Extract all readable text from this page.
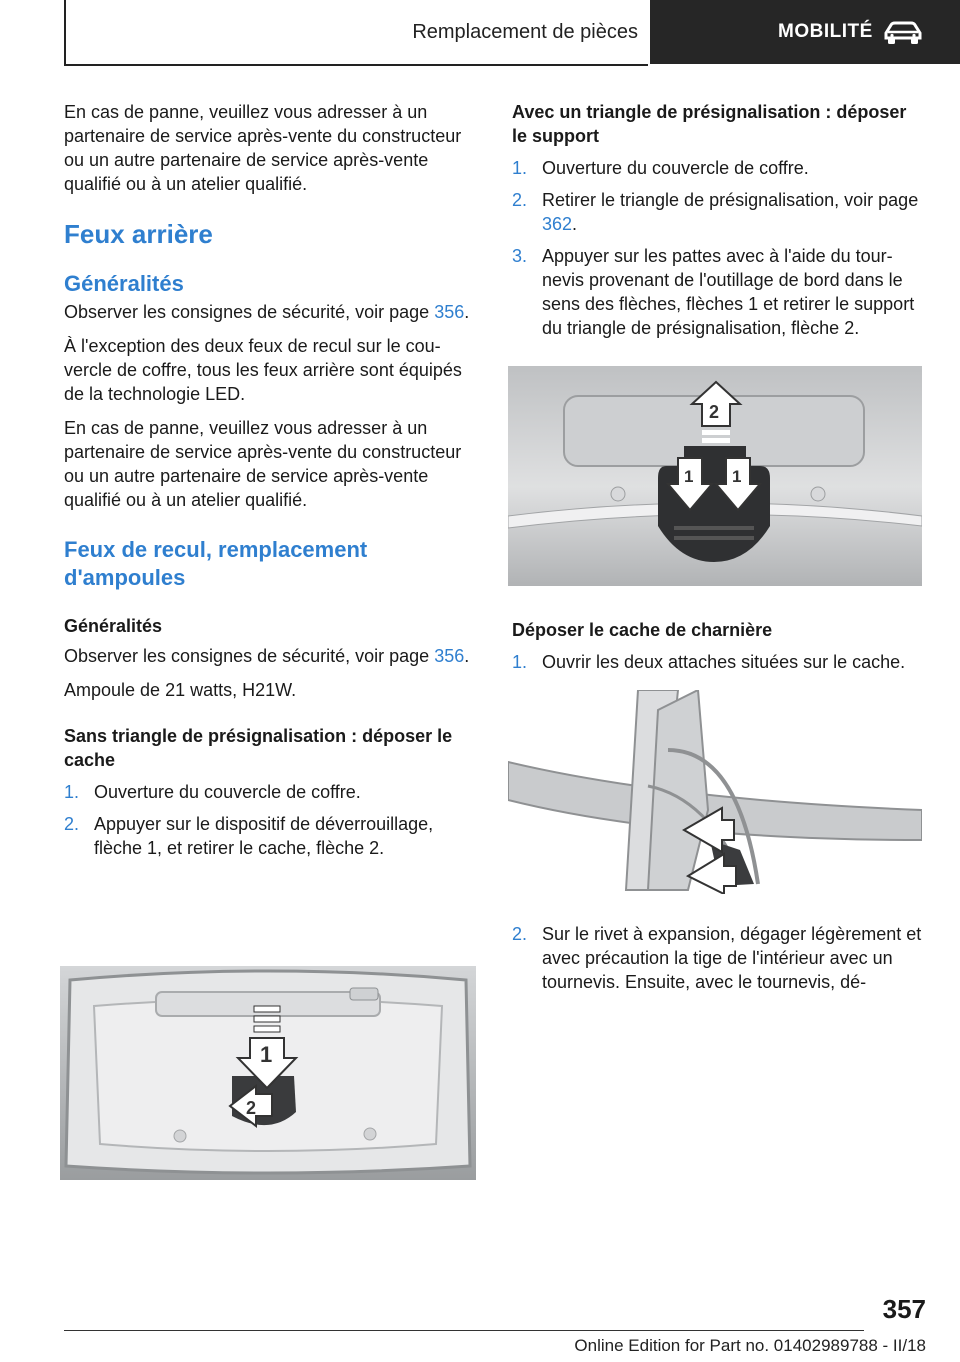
Remplacement de pièces	MOBILITÉ

En cas de panne, veuillez vous adresser à un partenaire de service après-vente du constructeur ou un autre partenaire de service après-vente qualifié ou à un atelier qualifié.

Feux arrière
Généralités

Observer les consignes de sécurité, voir page 356.

À l'exception des deux feux de recul sur le couvercle de coffre, tous les feux arrière sont équipés de la technologie LED.

En cas de panne, veuillez vous adresser à un partenaire de service après-vente du constructeur ou un autre partenaire de service après-vente qualifié ou à un atelier qualifié.

Feux de recul, remplacement d'ampoules
Généralités

Observer les consignes de sécurité, voir page 356.

Ampoule de 21 watts, H21W.

Sans triangle de présignalisation : déposer le cache
1. Ouverture du couvercle de coffre.
2. Appuyer sur le dispositif de déverrouillage, flèche 1, et retirer le cache, flèche 2.
1
2
Avec un triangle de présignalisation : déposer le support
1. Ouverture du couvercle de coffre.
2. Retirer le triangle de présignalisation, voir page 362.
3. Appuyer sur les pattes avec à l'aide du tournevis provenant de l'outillage de bord dans le sens des flèches, flèches 1 et retirer le support du triangle de présignalisation, flèche 2.
2
1 1
Déposer le cache de charnière
1. Ouvrir les deux attaches situées sur le cache.
2. Sur le rivet à expansion, dégager légèrement et avec précaution la tige de l'intérieur avec un tournevis. Ensuite, avec le tournevis, dé-
357
Online Edition for Part no. 01402989788 - II/18
